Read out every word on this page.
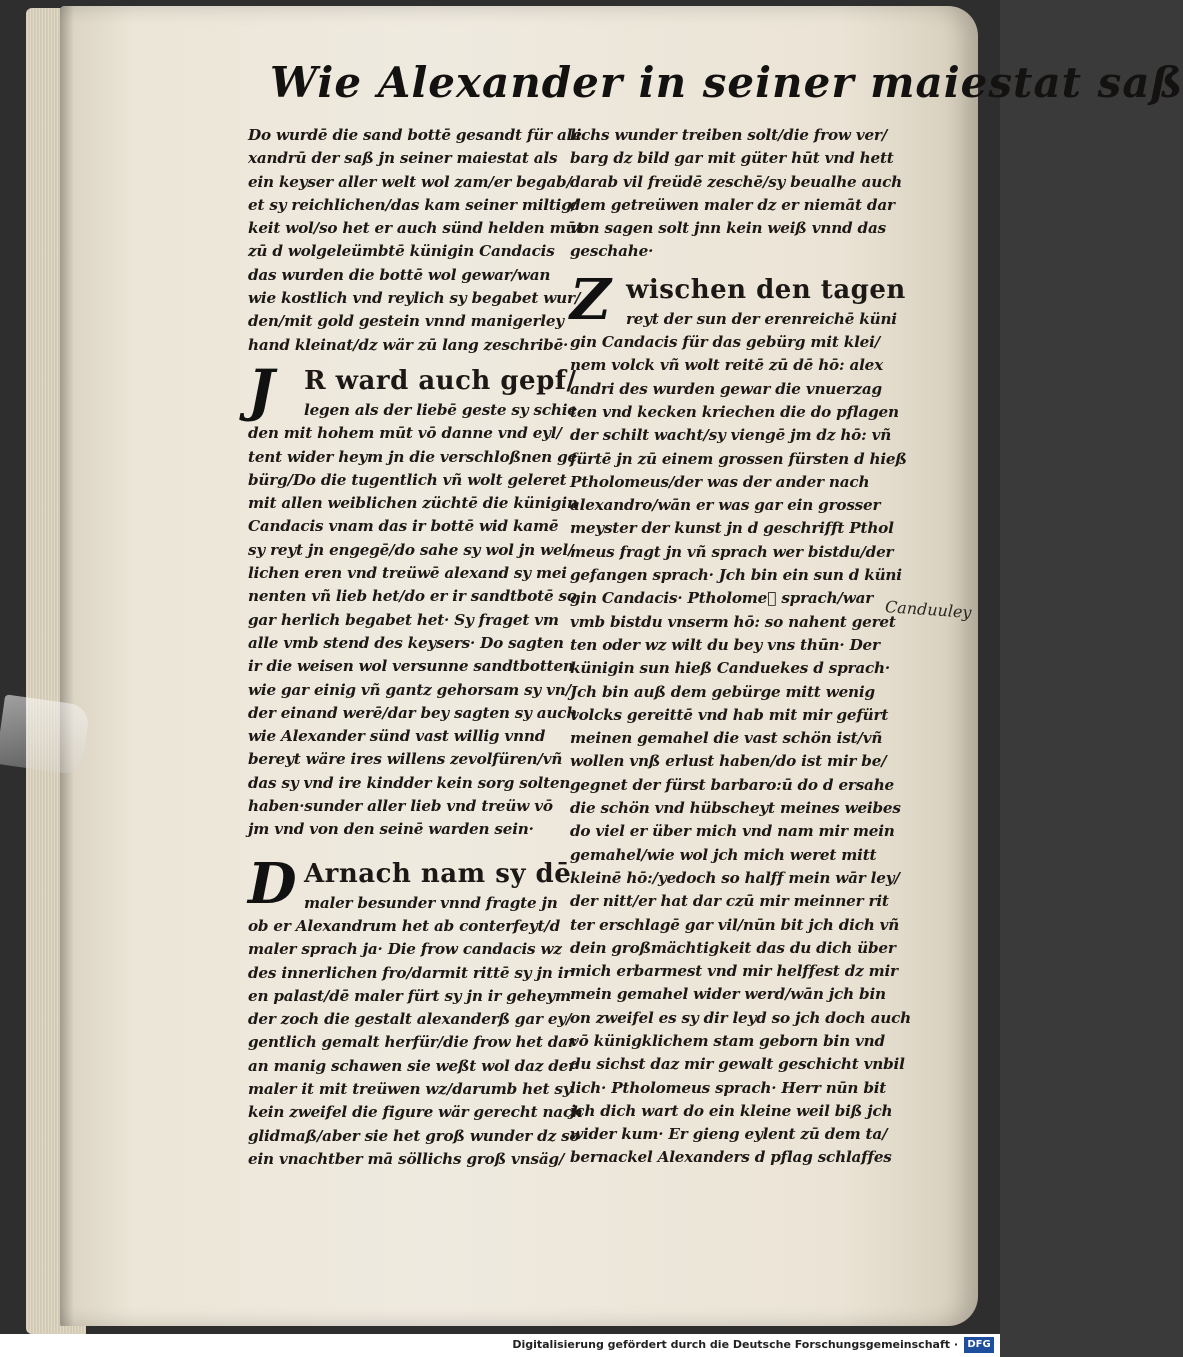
Wie Alexander in seiner maiestat saß
Do wurdē die sand bottē gesandt für ale
xandrū der saß jn seiner maiestat als
ein keyser aller welt wol zam/er begab/
et sy reichlichen/das kam seiner miltig/
keit wol/so het er auch sünd helden mūt
zū d wolgeleümbtē künigin Candacis
das wurden die bottē wol gewar/wan
wie kostlich vnd reylich sy begabet wur/
den/mit gold gestein vnnd manigerley
hand kleinat/dz wär zū lang zeschribē·
J	R ward auch gepf/
legen als der liebē geste sy schie
den mit hohem mūt vō danne vnd eyl/
tent wider heym jn die verschloßnen ge
bürg/Do die tugentlich vñ wolt geleret
mit allen weiblichen züchtē die künigin
Candacis vnam das ir bottē wid kamē
sy reyt jn engegē/do sahe sy wol jn wel/
lichen eren vnd treüwē alexand sy mei
nenten vñ lieb het/do er ir sandtbotē so
gar herlich begabet het· Sy fraget vm
alle vmb stend des keysers· Do sagten
ir die weisen wol versunne sandtbotten
wie gar einig vñ gantz gehorsam sy vn/
der einand werē/dar bey sagten sy auch
wie Alexander sünd vast willig vnnd
bereyt wäre ires willens zevolfüren/vñ
das sy vnd ire kindder kein sorg solten
haben·sunder aller lieb vnd treüw vō
jm vnd von den seinē warden sein·
D Arnach nam sy dē
maler besunder vnnd fragte jn
ob er Alexandrum het ab conterfeyt/d
maler sprach ja· Die frow candacis wz
des innerlichen fro/darmit rittē sy jn ir
en palast/dē maler fürt sy jn ir geheym
der zoch die gestalt alexanderß gar ey/
gentlich gemalt herfür/die frow het dar
an manig schawen sie weßt wol daz der
maler it mit treüwen wz/darumb het sy
kein zweifel die figure wär gerecht nach
glidmaß/aber sie het groß wunder dz so
ein vnachtber mā söllichs groß vnsäg/
lichs wunder treiben solt/die frow ver/
barg dz bild gar mit güter hūt vnd hett
darab vil freüdē zeschē/sy beualhe auch
dem getreüwen maler dz er niemāt dar
von sagen solt jnn kein weiß vnnd das
geschahe·
Z wischen den tagen
reyt der sun der erenreichē küni
gin Candacis für das gebürg mit klei/
nem volck vñ wolt reitē zū dē hō: alex
andri des wurden gewar die vnuerzag
ten vnd kecken kriechen die do pflagen
der schilt wacht/sy viengē jm dz hō: vñ
fürtē jn zū einem grossen fürsten d hieß
Ptholomeus/der was der ander nach
alexandro/wān er was gar ein grosser
meyster der kunst jn d geschrifft Pthol
meus fragt jn vñ sprach wer bistdu/der
gefangen sprach· Jch bin ein sun d küni
gin Candacis· Ptholomeᷤ sprach/war
vmb bistdu vnserm hō: so nahent geret
ten oder wz wilt du bey vns thūn· Der
künigin sun hieß Canduekes d sprach·
Jch bin auß dem gebürge mitt wenig
volcks gereittē vnd hab mit mir gefürt
meinen gemahel die vast schön ist/vñ
wollen vnß erlust haben/do ist mir be/
gegnet der fürst barbaro:ū do d ersahe
die schön vnd hübscheyt meines weibes
do viel er über mich vnd nam mir mein
gemahel/wie wol jch mich weret mitt
kleinē hō:/yedoch so halff mein wār ley/
der nitt/er hat dar czū mir meinner rit
ter erschlagē gar vil/nūn bit jch dich vñ
dein großmächtigkeit das du dich über
mich erbarmest vnd mir helffest dz mir
mein gemahel wider werd/wān jch bin
on zweifel es sy dir leyd so jch doch auch
vō künigklichem stam geborn bin vnd
du sichst daz mir gewalt geschicht vnbil
lich· Ptholomeus sprach· Herr nūn bit
jch dich wart do ein kleine weil biß jch
wider kum· Er gieng eylent zū dem ta/
bernackel Alexanders d pflag schlaffes
Canduuley
Digitalisierung gefördert durch die Deutsche Forschungsgemeinschaft · DFG
